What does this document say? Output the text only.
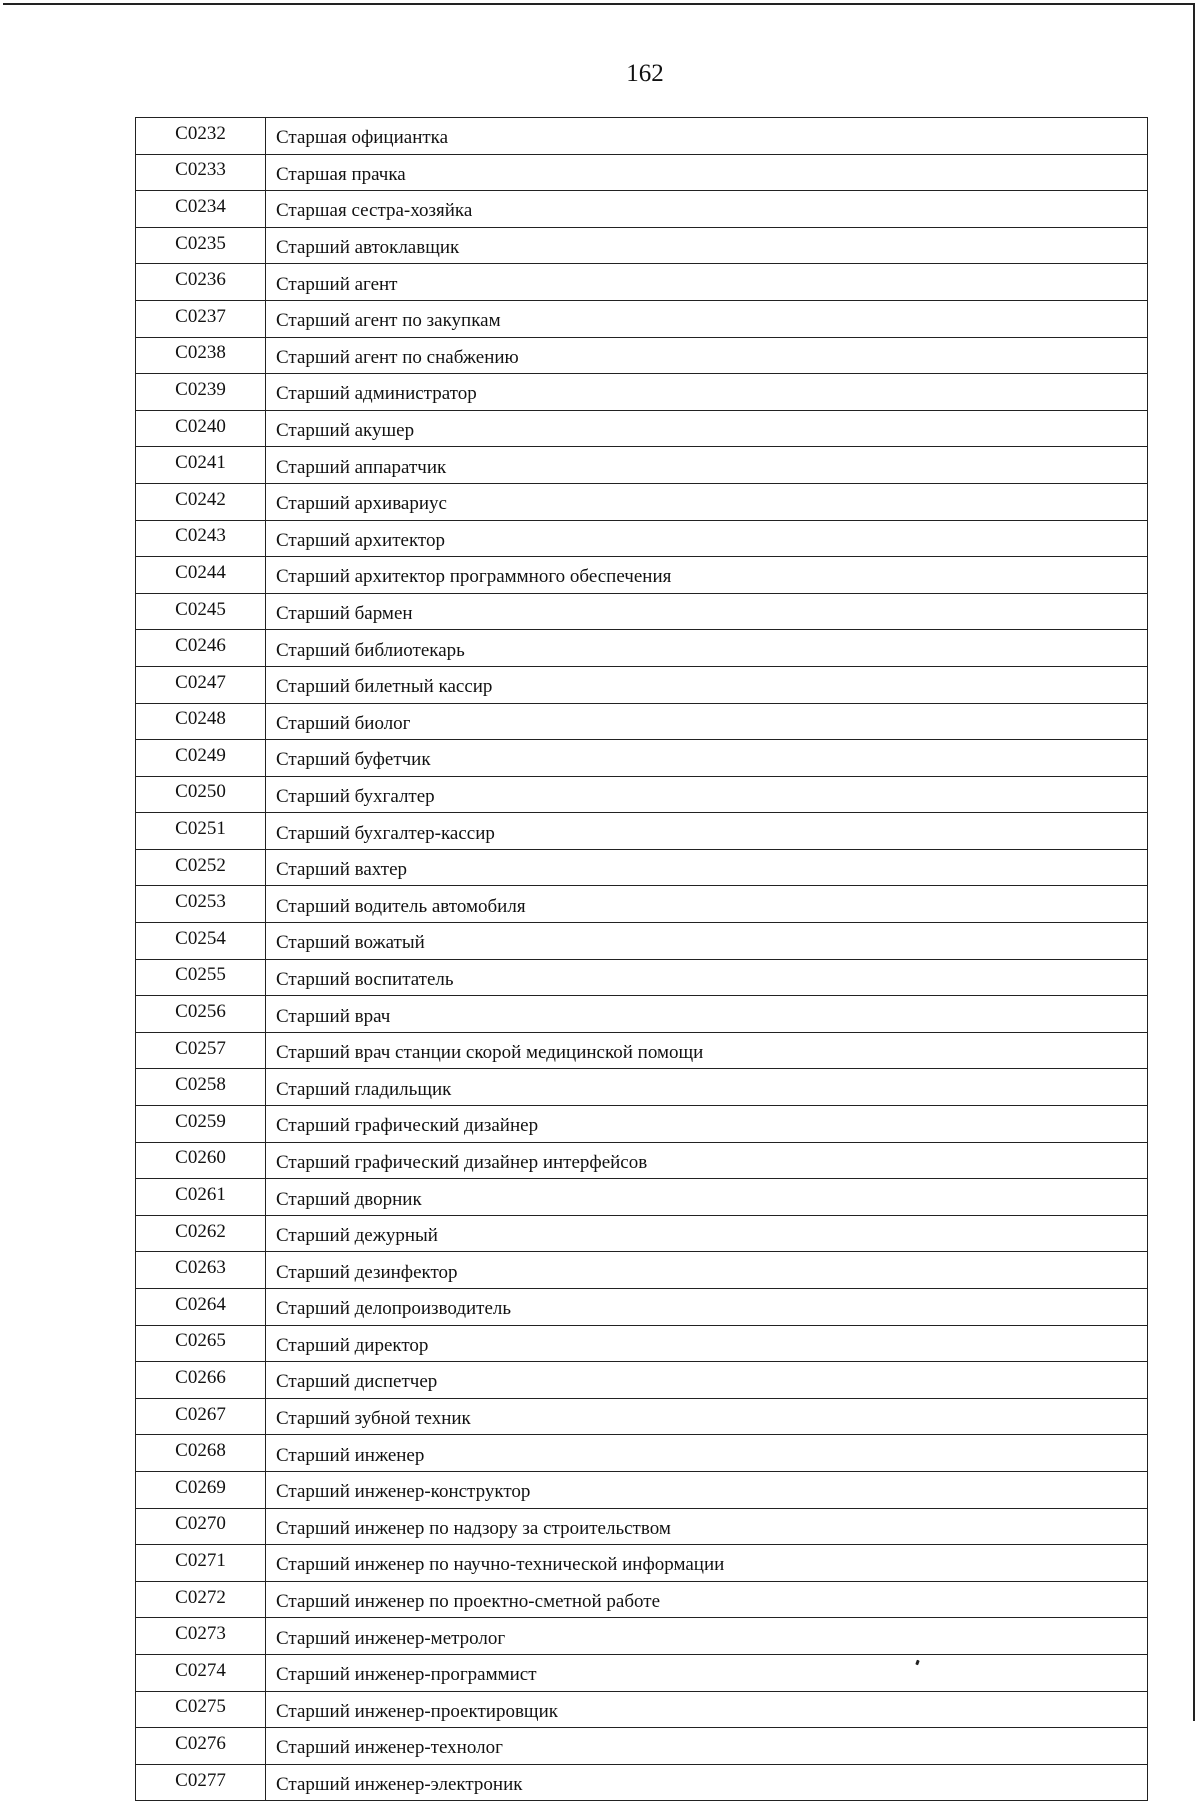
162
C0232	Старшая официантка
C0233	Старшая прачка
C0234	Старшая сестра-хозяйка
C0235	Старший автоклавщик
C0236	Старший агент
C0237	Старший агент по закупкам
C0238	Старший агент по снабжению
C0239	Старший администратор
C0240	Старший акушер
C0241	Старший аппаратчик
C0242	Старший архивариус
C0243	Старший архитектор
C0244	Старший архитектор программного обеспечения
C0245	Старший бармен
C0246	Старший библиотекарь
C0247	Старший билетный кассир
C0248	Старший биолог
C0249	Старший буфетчик
C0250	Старший бухгалтер
C0251	Старший бухгалтер-кассир
C0252	Старший вахтер
C0253	Старший водитель автомобиля
C0254	Старший вожатый
C0255	Старший воспитатель
C0256	Старший врач
C0257	Старший врач станции скорой медицинской помощи
C0258	Старший гладильщик
C0259	Старший графический дизайнер
C0260	Старший графический дизайнер интерфейсов
C0261	Старший дворник
C0262	Старший дежурный
C0263	Старший дезинфектор
C0264	Старший делопроизводитель
C0265	Старший директор
C0266	Старший диспетчер
C0267	Старший зубной техник
C0268	Старший инженер
C0269	Старший инженер-конструктор
C0270	Старший инженер по надзору за строительством
C0271	Старший инженер по научно-технической информации
C0272	Старший инженер по проектно-сметной работе
C0273	Старший инженер-метролог
C0274	Старший инженер-программист
C0275	Старший инженер-проектировщик
C0276	Старший инженер-технолог
C0277	Старший инженер-электроник
